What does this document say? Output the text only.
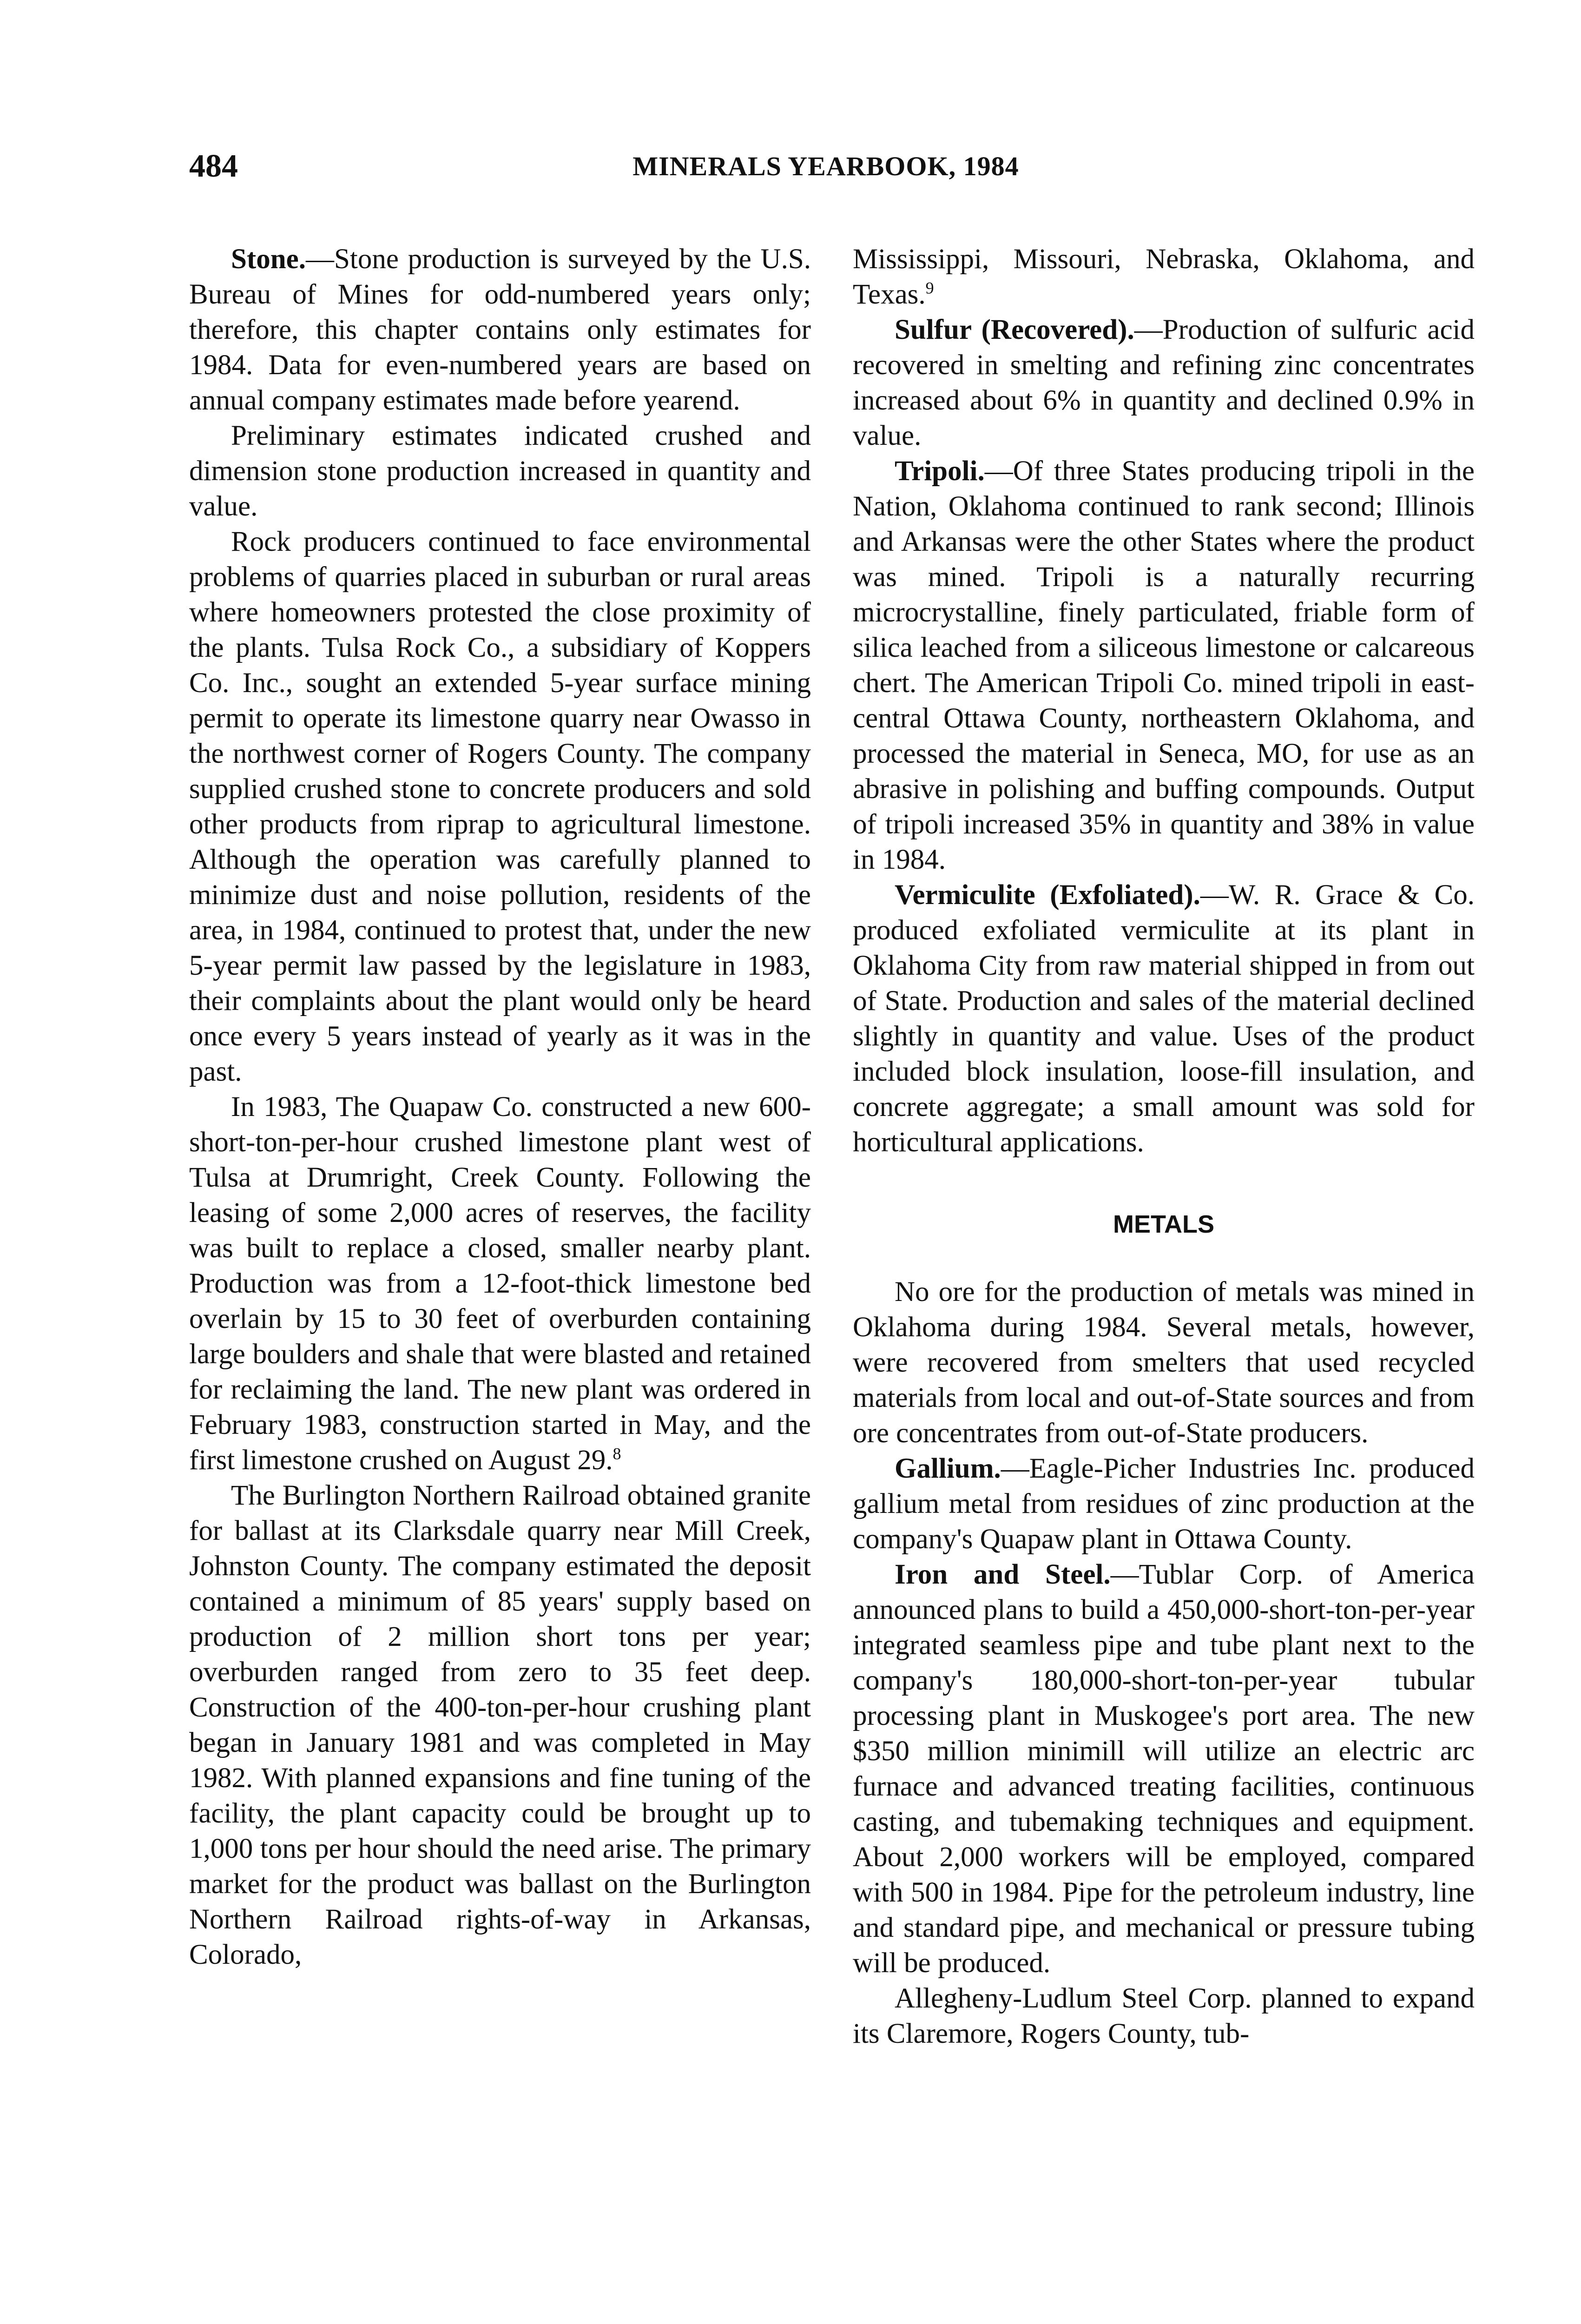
484	MINERALS YEARBOOK, 1984

Stone.—Stone production is surveyed by the U.S. Bureau of Mines for odd-numbered years only; therefore, this chapter contains only estimates for 1984. Data for even-numbered years are based on annual company estimates made before yearend.

Preliminary estimates indicated crushed and dimension stone production increased in quantity and value.

Rock producers continued to face environmental problems of quarries placed in suburban or rural areas where homeowners protested the close proximity of the plants. Tulsa Rock Co., a subsidiary of Koppers Co. Inc., sought an extended 5-year surface mining permit to operate its limestone quarry near Owasso in the northwest corner of Rogers County. The company supplied crushed stone to concrete producers and sold other products from riprap to agricultural limestone. Although the operation was carefully planned to minimize dust and noise pollution, residents of the area, in 1984, continued to protest that, under the new 5-year permit law passed by the legislature in 1983, their complaints about the plant would only be heard once every 5 years instead of yearly as it was in the past.

In 1983, The Quapaw Co. constructed a new 600-short-ton-per-hour crushed limestone plant west of Tulsa at Drumright, Creek County. Following the leasing of some 2,000 acres of reserves, the facility was built to replace a closed, smaller nearby plant. Production was from a 12-foot-thick limestone bed overlain by 15 to 30 feet of overburden containing large boulders and shale that were blasted and retained for reclaiming the land. The new plant was ordered in February 1983, construction started in May, and the first limestone crushed on August 29.$^8$

The Burlington Northern Railroad obtained granite for ballast at its Clarksdale quarry near Mill Creek, Johnston County. The company estimated the deposit contained a minimum of 85 years' supply based on production of 2 million short tons per year; overburden ranged from zero to 35 feet deep. Construction of the 400-ton-per-hour crushing plant began in January 1981 and was completed in May 1982. With planned expansions and fine tuning of the facility, the plant capacity could be brought up to 1,000 tons per hour should the need arise. The primary market for the product was ballast on the Burlington Northern Railroad rights-of-way in Arkansas, Colorado,

Mississippi, Missouri, Nebraska, Oklahoma, and Texas.$^9$

Sulfur (Recovered).—Production of sulfuric acid recovered in smelting and refining zinc concentrates increased about 6% in quantity and declined 0.9% in value.

Tripoli.—Of three States producing tripoli in the Nation, Oklahoma continued to rank second; Illinois and Arkansas were the other States where the product was mined. Tripoli is a naturally recurring microcrystalline, finely particulated, friable form of silica leached from a siliceous limestone or calcareous chert. The American Tripoli Co. mined tripoli in east-central Ottawa County, northeastern Oklahoma, and processed the material in Seneca, MO, for use as an abrasive in polishing and buffing compounds. Output of tripoli increased 35% in quantity and 38% in value in 1984.

Vermiculite (Exfoliated).—W. R. Grace & Co. produced exfoliated vermiculite at its plant in Oklahoma City from raw material shipped in from out of State. Production and sales of the material declined slightly in quantity and value. Uses of the product included block insulation, loose-fill insulation, and concrete aggregate; a small amount was sold for horticultural applications.

METALS

No ore for the production of metals was mined in Oklahoma during 1984. Several metals, however, were recovered from smelters that used recycled materials from local and out-of-State sources and from ore concentrates from out-of-State producers.

Gallium.—Eagle-Picher Industries Inc. produced gallium metal from residues of zinc production at the company's Quapaw plant in Ottawa County.

Iron and Steel.—Tublar Corp. of America announced plans to build a 450,000-short-ton-per-year integrated seamless pipe and tube plant next to the company's 180,000-short-ton-per-year tubular processing plant in Muskogee's port area. The new $350 million minimill will utilize an electric arc furnace and advanced treating facilities, continuous casting, and tubemaking techniques and equipment. About 2,000 workers will be employed, compared with 500 in 1984. Pipe for the petroleum industry, line and standard pipe, and mechanical or pressure tubing will be produced.

Allegheny-Ludlum Steel Corp. planned to expand its Claremore, Rogers County, tub-
